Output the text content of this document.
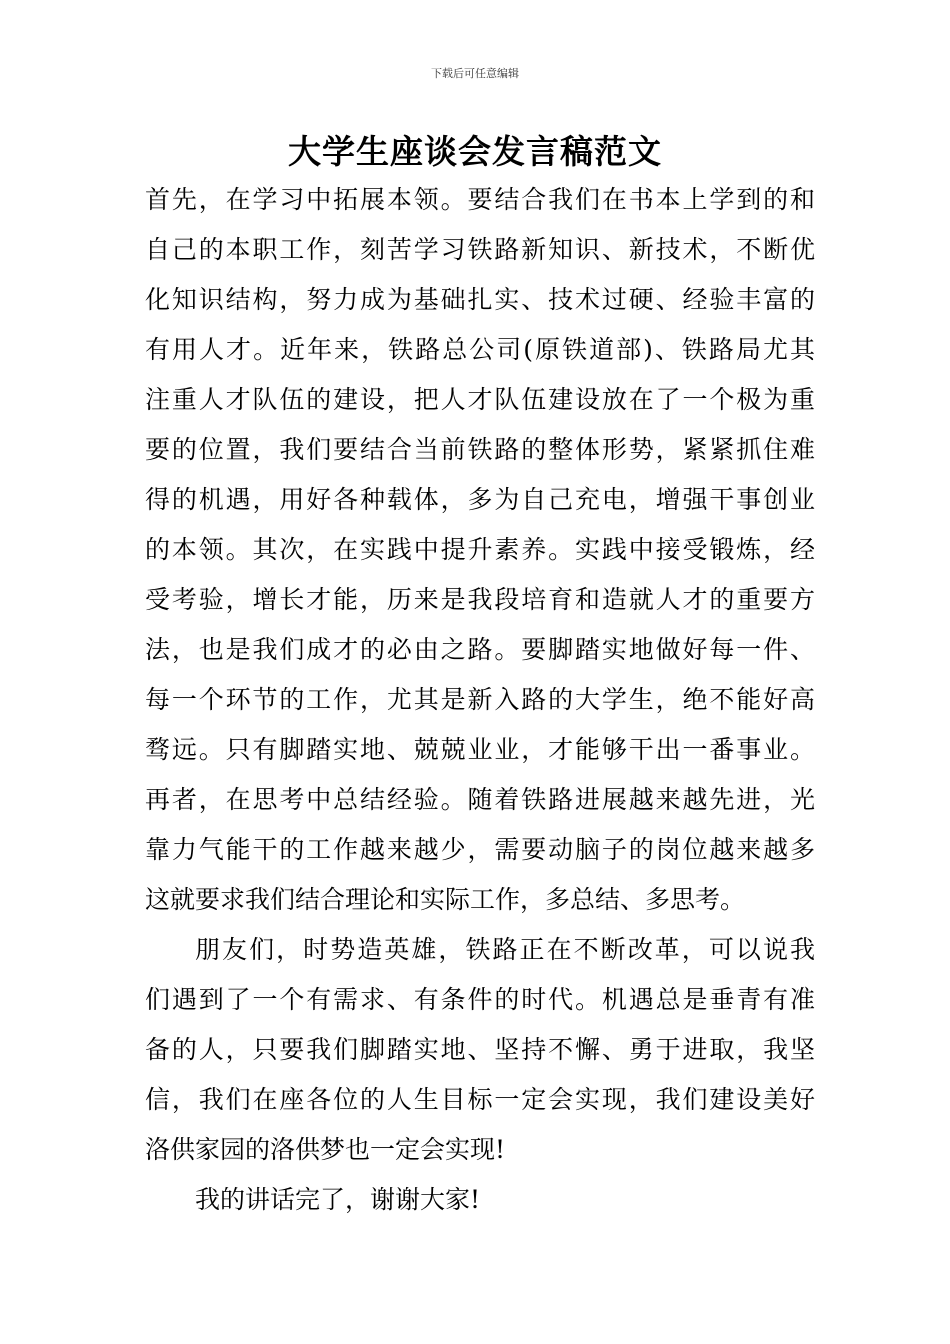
下载后可任意编辑
大学生座谈会发言稿范文
首先，在学习中拓展本领。要结合我们在书本上学到的和
自己的本职工作，刻苦学习铁路新知识、新技术，不断优
化知识结构，努力成为基础扎实、技术过硬、经验丰富的
有用人才。近年来，铁路总公司(原铁道部)、铁路局尤其
注重人才队伍的建设，把人才队伍建设放在了一个极为重
要的位置，我们要结合当前铁路的整体形势，紧紧抓住难
得的机遇，用好各种载体，多为自己充电，增强干事创业
的本领。其次，在实践中提升素养。实践中接受锻炼，经
受考验，增长才能，历来是我段培育和造就人才的重要方
法，也是我们成才的必由之路。要脚踏实地做好每一件、
每一个环节的工作，尤其是新入路的大学生，绝不能好高
骛远。只有脚踏实地、兢兢业业，才能够干出一番事业。
再者，在思考中总结经验。随着铁路进展越来越先进，光
靠力气能干的工作越来越少，需要动脑子的岗位越来越多
这就要求我们结合理论和实际工作，多总结、多思考。
朋友们，时势造英雄，铁路正在不断改革，可以说我
们遇到了一个有需求、有条件的时代。机遇总是垂青有准
备的人，只要我们脚踏实地、坚持不懈、勇于进取，我坚
信，我们在座各位的人生目标一定会实现，我们建设美好
洛供家园的洛供梦也一定会实现!
我的讲话完了，谢谢大家!
